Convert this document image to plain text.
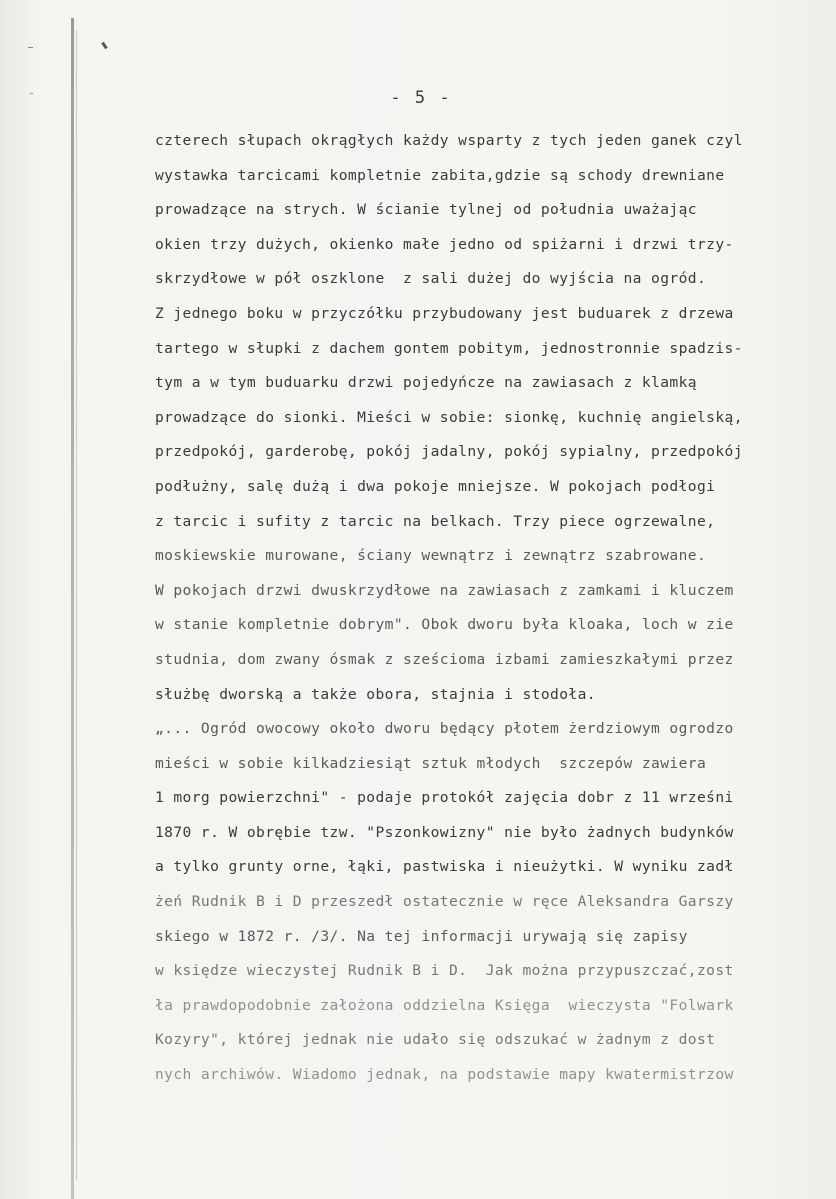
- 5 -
czterech słupach okrągłych każdy wsparty z tych jeden ganek czyl
wystawka tarcicami kompletnie zabita,gdzie są schody drewniane
prowadzące na strych. W ścianie tylnej od południa uważając
okien trzy dużych, okienko małe jedno od spiżarni i drzwi trzy-
skrzydłowe w pół oszklone  z sali dużej do wyjścia na ogród.
Z jednego boku w przyczółku przybudowany jest buduarek z drzewa
tartego w słupki z dachem gontem pobitym, jednostronnie spadzis-
tym a w tym buduarku drzwi pojedyńcze na zawiasach z klamką
prowadzące do sionki. Mieści w sobie: sionkę, kuchnię angielską,
przedpokój, garderobę, pokój jadalny, pokój sypialny, przedpokój
podłużny, salę dużą i dwa pokoje mniejsze. W pokojach podłogi
z tarcic i sufity z tarcic na belkach. Trzy piece ogrzewalne,
moskiewskie murowane, ściany wewnątrz i zewnątrz szabrowane.
W pokojach drzwi dwuskrzydłowe na zawiasach z zamkami i kluczem
w stanie kompletnie dobrym". Obok dworu była kloaka, loch w zie
studnia, dom zwany ósmak z sześcioma izbami zamieszkałymi przez
służbę dworską a także obora, stajnia i stodoła.
„... Ogród owocowy około dworu będący płotem żerdziowym ogrodzo
mieści w sobie kilkadziesiąt sztuk młodych  szczepów zawiera
1 morg powierzchni" - podaje protokół zajęcia dobr z 11 wrześni
1870 r. W obrębie tzw. "Pszonkowizny" nie było żadnych budynków
a tylko grunty orne, łąki, pastwiska i nieużytki. W wyniku zadł
żeń Rudnik B i D przeszedł ostatecznie w ręce Aleksandra Garszy
skiego w 1872 r. /3/. Na tej informacji urywają się zapisy
w księdze wieczystej Rudnik B i D.  Jak można przypuszczać,zost
ła prawdopodobnie założona oddzielna Księga  wieczysta "Folwark
Kozyry", której jednak nie udało się odszukać w żadnym z dost
nych archiwów. Wiadomo jednak, na podstawie mapy kwatermistrzow
